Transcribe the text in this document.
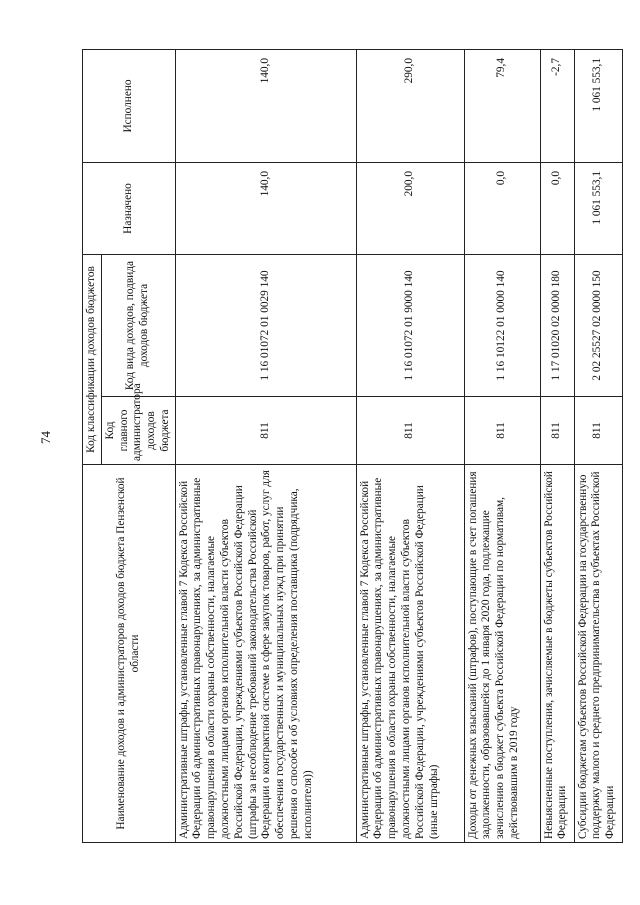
74
Наименование доходов и администраторов доходов бюджета Пензенской области	Код классификации доходов бюджетов		Назначено	Исполнено
	Код главного администратора доходов бюджета	Код вида доходов, подвида доходов бюджета		
Административные штрафы, установленные главой 7 Кодекса Российской Федерации об административных правонарушениях, за административные правонарушения в области охраны собственности, налагаемые должностными лицами органов исполнительной власти субъектов Российской Федерации, учреждениями субъектов Российской Федерации (штрафы за несоблюдение требований законодательства Российской Федерации о контрактной системе в сфере закупок товаров, работ, услуг для обеспечения государственных и муниципальных нужд при принятии решения о способе и об условиях определения поставщика (подрядчика, исполнителя))	811	1 16 01072 01 0029 140	140,0	140,0
Административные штрафы, установленные главой 7 Кодекса Российской Федерации об административных правонарушениях, за административные правонарушения в области охраны собственности, налагаемые должностными лицами органов исполнительной власти субъектов Российской Федерации, учреждениями субъектов Российской Федерации (иные штрафы)	811	1 16 01072 01 9000 140	200,0	290,0
Доходы от денежных взысканий (штрафов), поступающие в счет погашения задолженности, образовавшейся до 1 января 2020 года, подлежащие зачислению в бюджет субъекта Российской Федерации по нормативам, действовавшим в 2019 году	811	1 16 10122 01 0000 140	0,0	79,4
Невыясненные поступления, зачисляемые в бюджеты субъектов Российской Федерации	811	1 17 01020 02 0000 180	0,0	-2,7
Субсидии бюджетам субъектов Российской Федерации на государственную поддержку малого и среднего предпринимательства в субъектах Российской Федерации	811	2 02 25527 02 0000 150	1 061 553,1	1 061 553,1
